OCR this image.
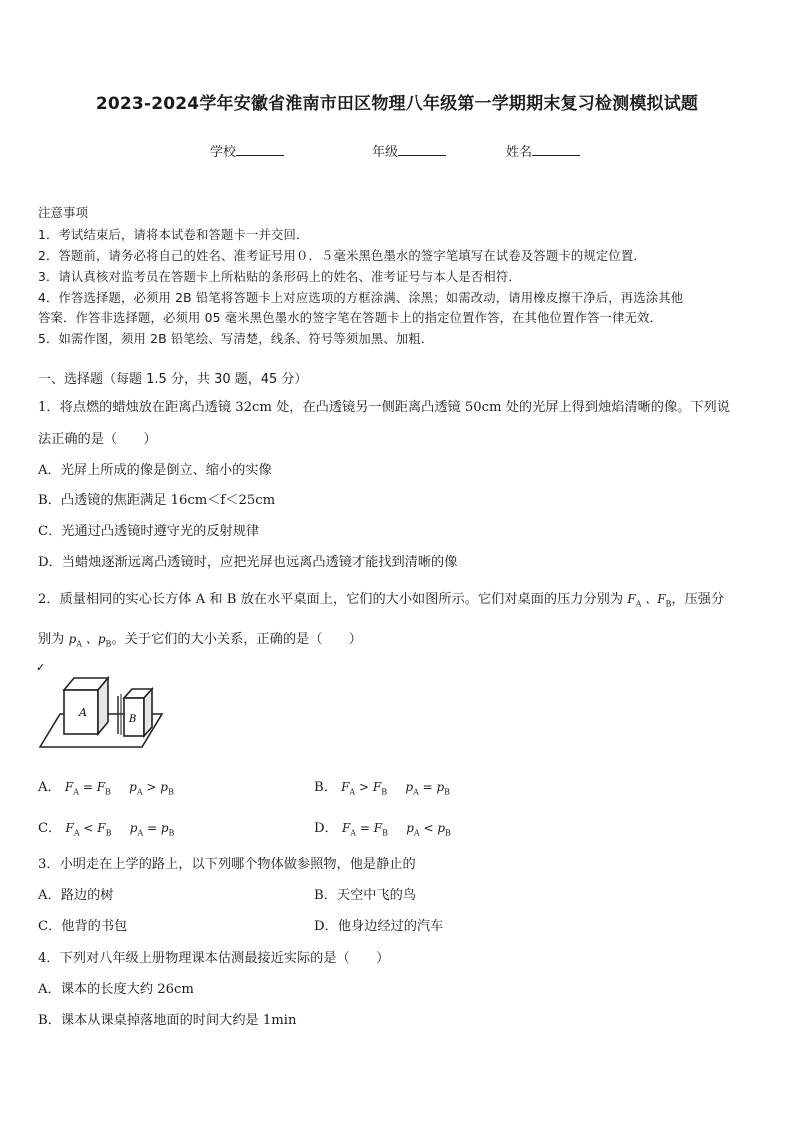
2023-2024学年安徽省淮南市田区物理八年级第一学期期末复习检测模拟试题
学校	年级	姓名
注意事项
1．考试结束后，请将本试卷和答题卡一并交回．
2．答题前，请务必将自己的姓名、准考证号用０．５毫米黑色墨水的签字笔填写在试卷及答题卡的规定位置．
3．请认真核对监考员在答题卡上所粘贴的条形码上的姓名、准考证号与本人是否相符．
4．作答选择题，必须用 2B 铅笔将答题卡上对应选项的方框涂满、涂黑；如需改动，请用橡皮擦干净后，再选涂其他
答案．作答非选择题，必须用 05 毫米黑色墨水的签字笔在答题卡上的指定位置作答，在其他位置作答一律无效．
5．如需作图，须用 2B 铅笔绘、写清楚，线条、符号等须加黑、加粗．
一、选择题（每题 1.5 分，共 30 题，45 分）
1．将点燃的蜡烛放在距离凸透镜 32cm 处，在凸透镜另一侧距离凸透镜 50cm 处的光屏上得到烛焰清晰的像。下列说
法正确的是（　　）
A．光屏上所成的像是倒立、缩小的实像
B．凸透镜的焦距满足 16cm＜f＜25cm
C．光通过凸透镜时遵守光的反射规律
D．当蜡烛逐渐远离凸透镜时，应把光屏也远离凸透镜才能找到清晰的像
2．质量相同的实心长方体 A 和 B 放在水平桌面上，它们的大小如图所示。它们对桌面的压力分别为 $F_A$ 、$F_B$，压强分
别为 $p_A$ 、$p_B$。关于它们的大小关系，正确的是（　　）
✓
A
B
A． $F_A = F_B$ $p_A > p_B$	B． $F_A > F_B$ $p_A = p_B$
C． $F_A < F_B$ $p_A = p_B$	D． $F_A = F_B$ $p_A < p_B$
3．小明走在上学的路上，以下列哪个物体做参照物，他是静止的
A．路边的树	B．天空中飞的鸟
C．他背的书包	D．他身边经过的汽车
4．下列对八年级上册物理课本估测最接近实际的是（　　）
A．课本的长度大约 26cm
B．课本从课桌掉落地面的时间大约是 1min
